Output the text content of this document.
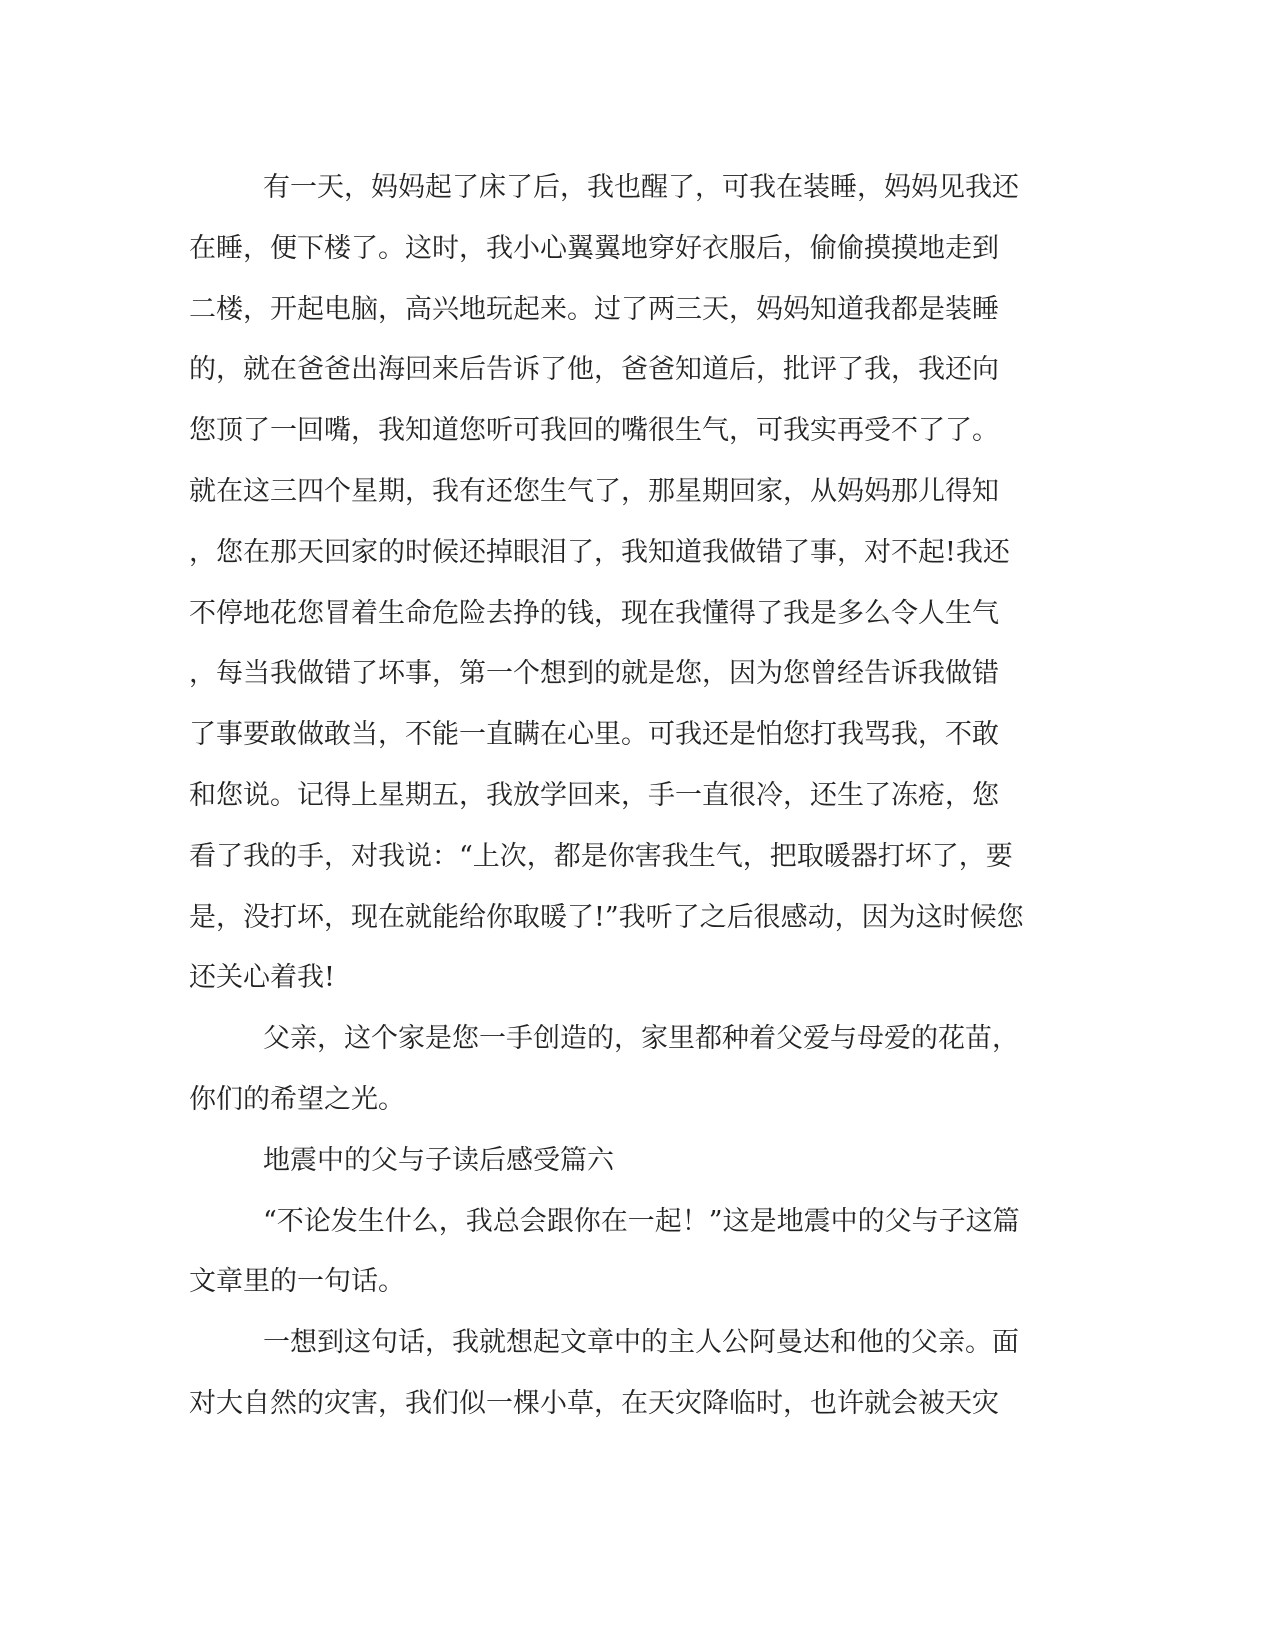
有一天，妈妈起了床了后，我也醒了，可我在装睡，妈妈见我还
在睡，便下楼了。这时，我小心翼翼地穿好衣服后，偷偷摸摸地走到
二楼，开起电脑，高兴地玩起来。过了两三天，妈妈知道我都是装睡
的，就在爸爸出海回来后告诉了他，爸爸知道后，批评了我，我还向
您顶了一回嘴，我知道您听可我回的嘴很生气，可我实再受不了了。
就在这三四个星期，我有还您生气了，那星期回家，从妈妈那儿得知
，您在那天回家的时候还掉眼泪了，我知道我做错了事，对不起!我还
不停地花您冒着生命危险去挣的钱，现在我懂得了我是多么令人生气
，每当我做错了坏事，第一个想到的就是您，因为您曾经告诉我做错
了事要敢做敢当，不能一直瞒在心里。可我还是怕您打我骂我，不敢
和您说。记得上星期五，我放学回来，手一直很冷，还生了冻疮，您
看了我的手，对我说：“上次，都是你害我生气，把取暖器打坏了，要
是，没打坏，现在就能给你取暖了!”我听了之后很感动，因为这时候您
还关心着我!
父亲，这个家是您一手创造的，家里都种着父爱与母爱的花苗，
你们的希望之光。
地震中的父与子读后感受篇六
“不论发生什么，我总会跟你在一起！”这是地震中的父与子这篇
文章里的一句话。
一想到这句话，我就想起文章中的主人公阿曼达和他的父亲。面
对大自然的灾害，我们似一棵小草，在天灾降临时，也许就会被天灾
